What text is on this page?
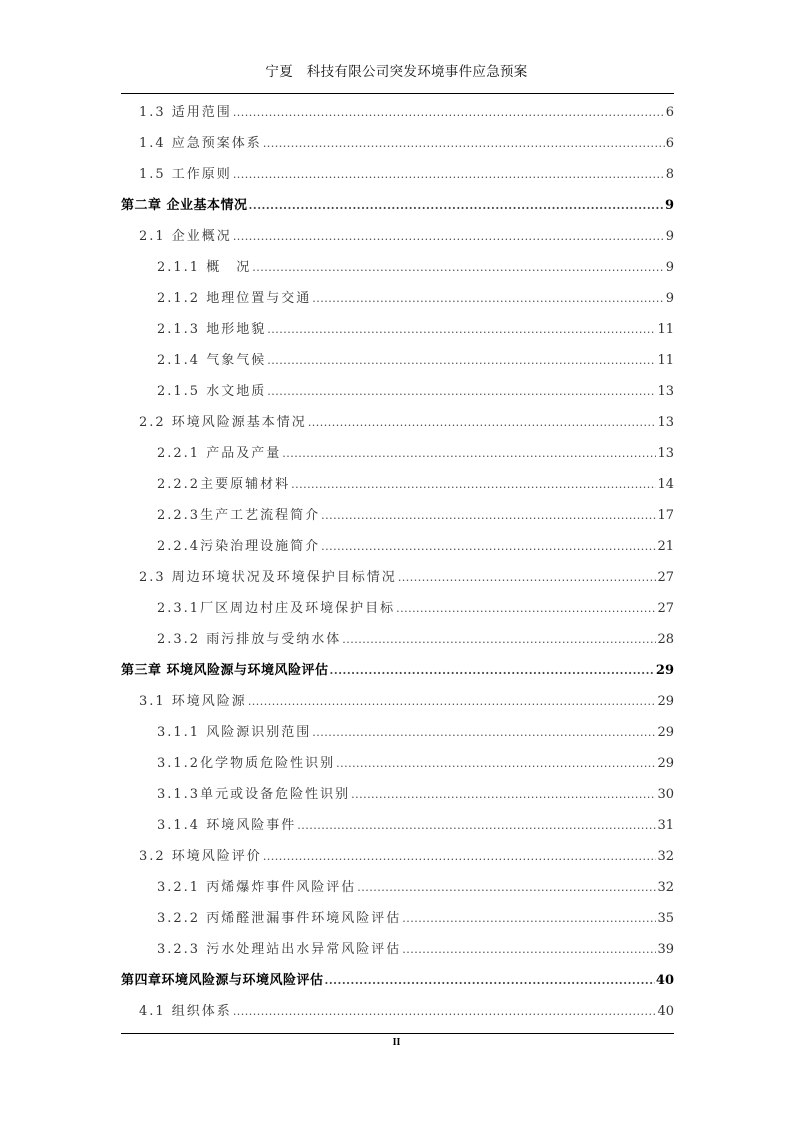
宁夏　科技有限公司突发环境事件应急预案
1.3 适用范围 .....	6
1.4 应急预案体系 .....	6
1.5 工作原则 .....	8
第二章 企业基本情况 .....	9
2.1 企业概况 .....	9
2.1.1 概　况 .....	9
2.1.2 地理位置与交通 .....	9
2.1.3 地形地貌 .....	11
2.1.4 气象气候 .....	11
2.1.5 水文地质 .....	13
2.2 环境风险源基本情况 .....	13
2.2.1 产品及产量 .....	13
2.2.2主要原辅材料 .....	14
2.2.3生产工艺流程简介 .....	17
2.2.4污染治理设施简介 .....	21
2.3 周边环境状况及环境保护目标情况 .....	27
2.3.1厂区周边村庄及环境保护目标 .....	27
2.3.2 雨污排放与受纳水体 .....	28
第三章 环境风险源与环境风险评估 .....	29
3.1 环境风险源 .....	29
3.1.1 风险源识别范围 .....	29
3.1.2化学物质危险性识别 .....	29
3.1.3单元或设备危险性识别 .....	30
3.1.4 环境风险事件 .....	31
3.2 环境风险评价 .....	32
3.2.1 丙烯爆炸事件风险评估 .....	32
3.2.2 丙烯醛泄漏事件环境风险评估 .....	35
3.2.3 污水处理站出水异常风险评估 .....	39
第四章环境风险源与环境风险评估 .....	40
4.1 组织体系 .....	40
II
